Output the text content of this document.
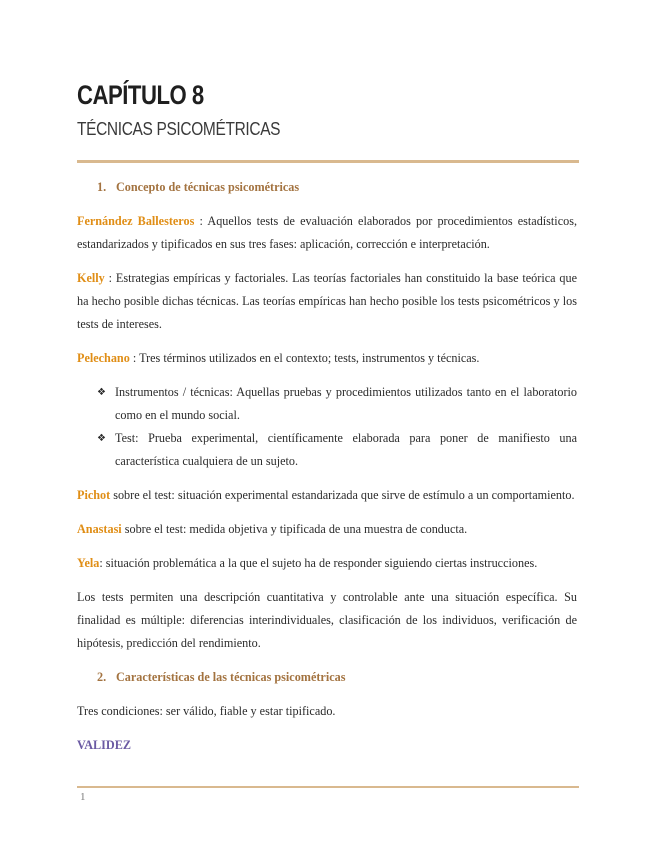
CAPÍTULO 8
TÉCNICAS PSICOMÉTRICAS
1. Concepto de técnicas psicométricas

Fernández Ballesteros : Aquellos tests de evaluación elaborados por procedimientos estadísticos, estandarizados y tipificados en sus tres fases: aplicación, corrección e interpretación.

Kelly : Estrategias empíricas y factoriales. Las teorías factoriales han constituido la base teórica que ha hecho posible dichas técnicas. Las teorías empíricas han hecho posible los tests psicométricos y los tests de intereses.

Pelechano : Tres términos utilizados en el contexto; tests, instrumentos y técnicas.

❖ Instrumentos / técnicas: Aquellas pruebas y procedimientos utilizados tanto en el laboratorio como en el mundo social.
❖ Test: Prueba experimental, científicamente elaborada para poner de manifiesto una característica cualquiera de un sujeto.

Pichot sobre el test: situación experimental estandarizada que sirve de estímulo a un comportamiento.

Anastasi sobre el test: medida objetiva y tipificada de una muestra de conducta.

Yela: situación problemática a la que el sujeto ha de responder siguiendo ciertas instrucciones.

Los tests permiten una descripción cuantitativa y controlable ante una situación específica. Su finalidad es múltiple: diferencias interindividuales, clasificación de los individuos, verificación de hipótesis, predicción del rendimiento.

2. Características de las técnicas psicométricas

Tres condiciones: ser válido, fiable y estar tipificado.

VALIDEZ

1
